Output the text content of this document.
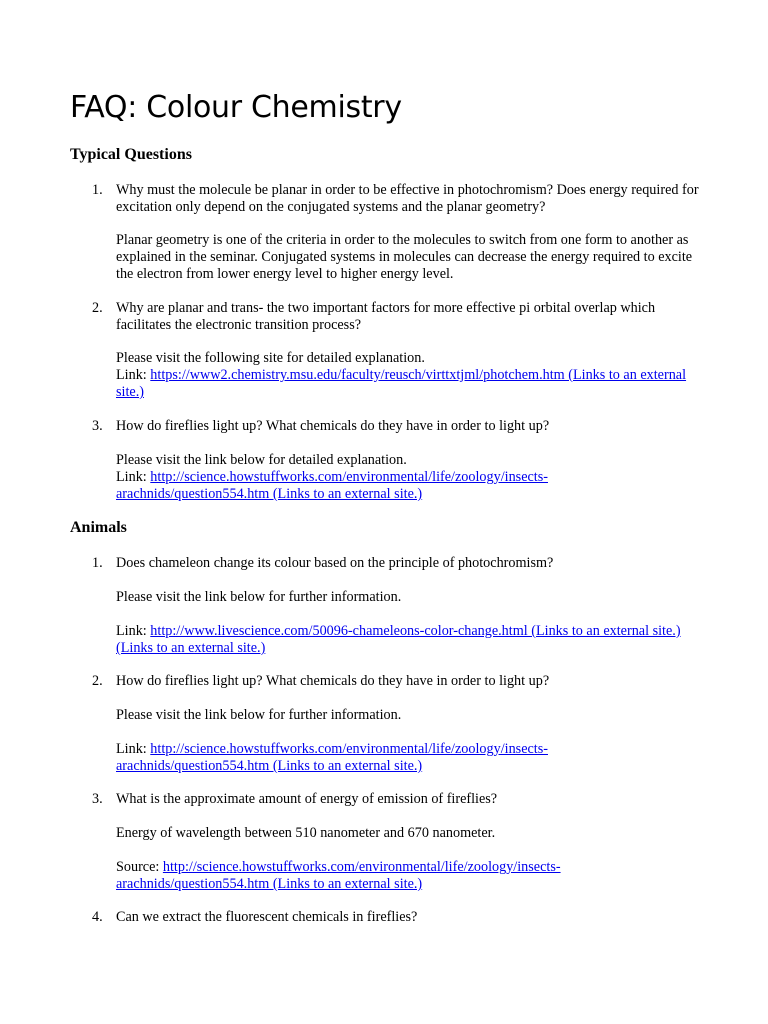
FAQ: Colour Chemistry
Typical Questions
1. Why must the molecule be planar in order to be effective in photochromism? Does energy required for excitation only depend on the conjugated systems and the planar geometry?

Planar geometry is one of the criteria in order to the molecules to switch from one form to another as explained in the seminar. Conjugated systems in molecules can decrease the energy required to excite the electron from lower energy level to higher energy level.

2. Why are planar and trans- the two important factors for more effective pi orbital overlap which facilitates the electronic transition process?

Please visit the following site for detailed explanation.

Link: https://www2.chemistry.msu.edu/faculty/reusch/virttxtjml/photchem.htm (Links to an external site.)

3. How do fireflies light up? What chemicals do they have in order to light up?

Please visit the link below for detailed explanation.

Link: http://science.howstuffworks.com/environmental/life/zoology/insects-arachnids/question554.htm (Links to an external site.)

Animals
1. Does chameleon change its colour based on the principle of photochromism?

Please visit the link below for further information.

Link: http://www.livescience.com/50096-chameleons-color-change.html (Links to an external site.) (Links to an external site.)

2. How do fireflies light up? What chemicals do they have in order to light up?

Please visit the link below for further information.

Link: http://science.howstuffworks.com/environmental/life/zoology/insects-arachnids/question554.htm (Links to an external site.)

3. What is the approximate amount of energy of emission of fireflies?

Energy of wavelength between 510 nanometer and 670 nanometer.

Source: http://science.howstuffworks.com/environmental/life/zoology/insects-arachnids/question554.htm (Links to an external site.)

4. Can we extract the fluorescent chemicals in fireflies?
